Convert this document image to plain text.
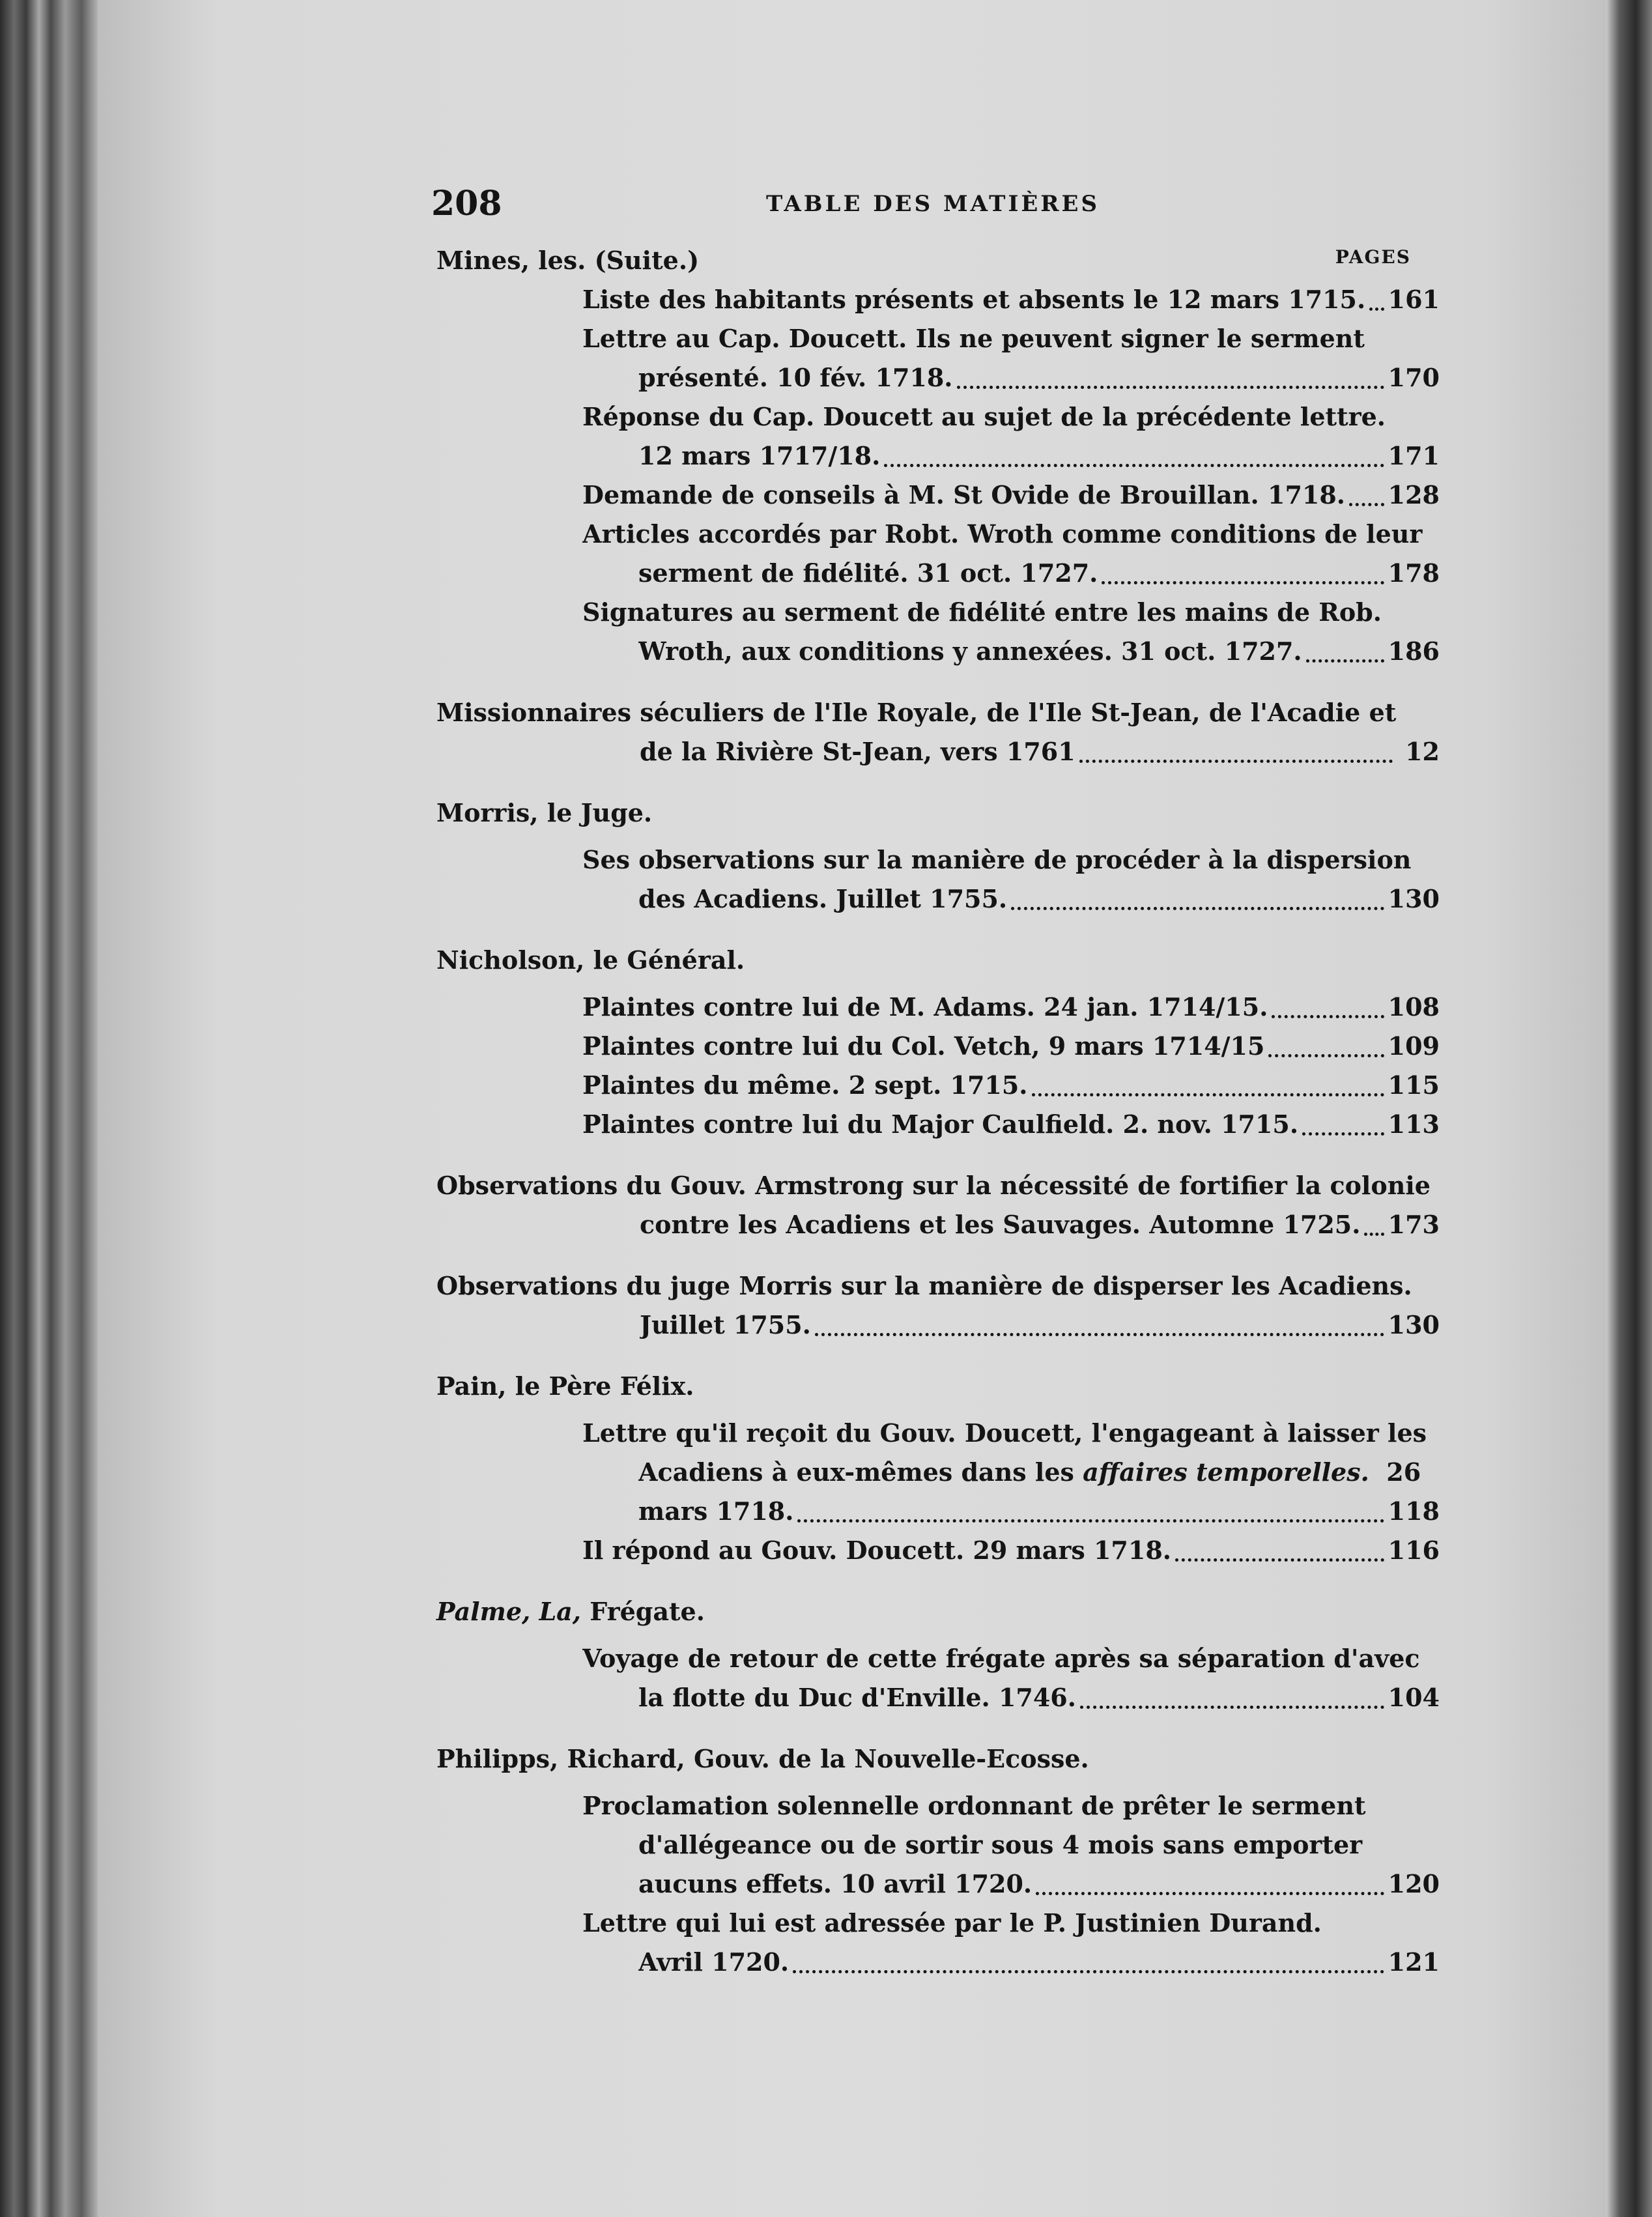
208	TABLE DES MATIÈRES
PAGES
Mines, les. (Suite.)
Liste des habitants présents et absents le 12 mars 1715. 161
Lettre au Cap. Doucett. Ils ne peuvent signer le serment
présenté. 10 fév. 1718.	170
Réponse du Cap. Doucett au sujet de la précédente lettre.
12 mars 1717/18.	171
Demande de conseils à M. St Ovide de Brouillan. 1718. 128
Articles accordés par Robt. Wroth comme conditions de leur
serment de fidélité. 31 oct. 1727.	178
Signatures au serment de fidélité entre les mains de Rob.
Wroth, aux conditions y annexées. 31 oct. 1727.	186
Missionnaires séculiers de l'Ile Royale, de l'Ile St-Jean, de l'Acadie et
de la Rivière St-Jean, vers 1761	12
Morris, le Juge.
Ses observations sur la manière de procéder à la dispersion
des Acadiens. Juillet 1755.	130
Nicholson, le Général.
Plaintes contre lui de M. Adams. 24 jan. 1714/15.	108
Plaintes contre lui du Col. Vetch, 9 mars 1714/15	109
Plaintes du même. 2 sept. 1715.	115
Plaintes contre lui du Major Caulfield. 2. nov. 1715.	113
Observations du Gouv. Armstrong sur la nécessité de fortifier la colonie
contre les Acadiens et les Sauvages. Automne 1725. 173
Observations du juge Morris sur la manière de disperser les Acadiens.
Juillet 1755.	130
Pain, le Père Félix.
Lettre qu'il reçoit du Gouv. Doucett, l'engageant à laisser les
Acadiens à eux-mêmes dans les
affaires temporelles.
26
mars 1718.	118
Il répond au Gouv. Doucett. 29 mars 1718.	116
Palme, La, Frégate.
Voyage de retour de cette frégate après sa séparation d'avec
la flotte du Duc d'Enville. 1746.	104
Philipps, Richard, Gouv. de la Nouvelle-Ecosse.
Proclamation solennelle ordonnant de prêter le serment
d'allégeance ou de sortir sous 4 mois sans emporter
aucuns effets. 10 avril 1720.	120
Lettre qui lui est adressée par le P. Justinien Durand.
Avril 1720.	121
